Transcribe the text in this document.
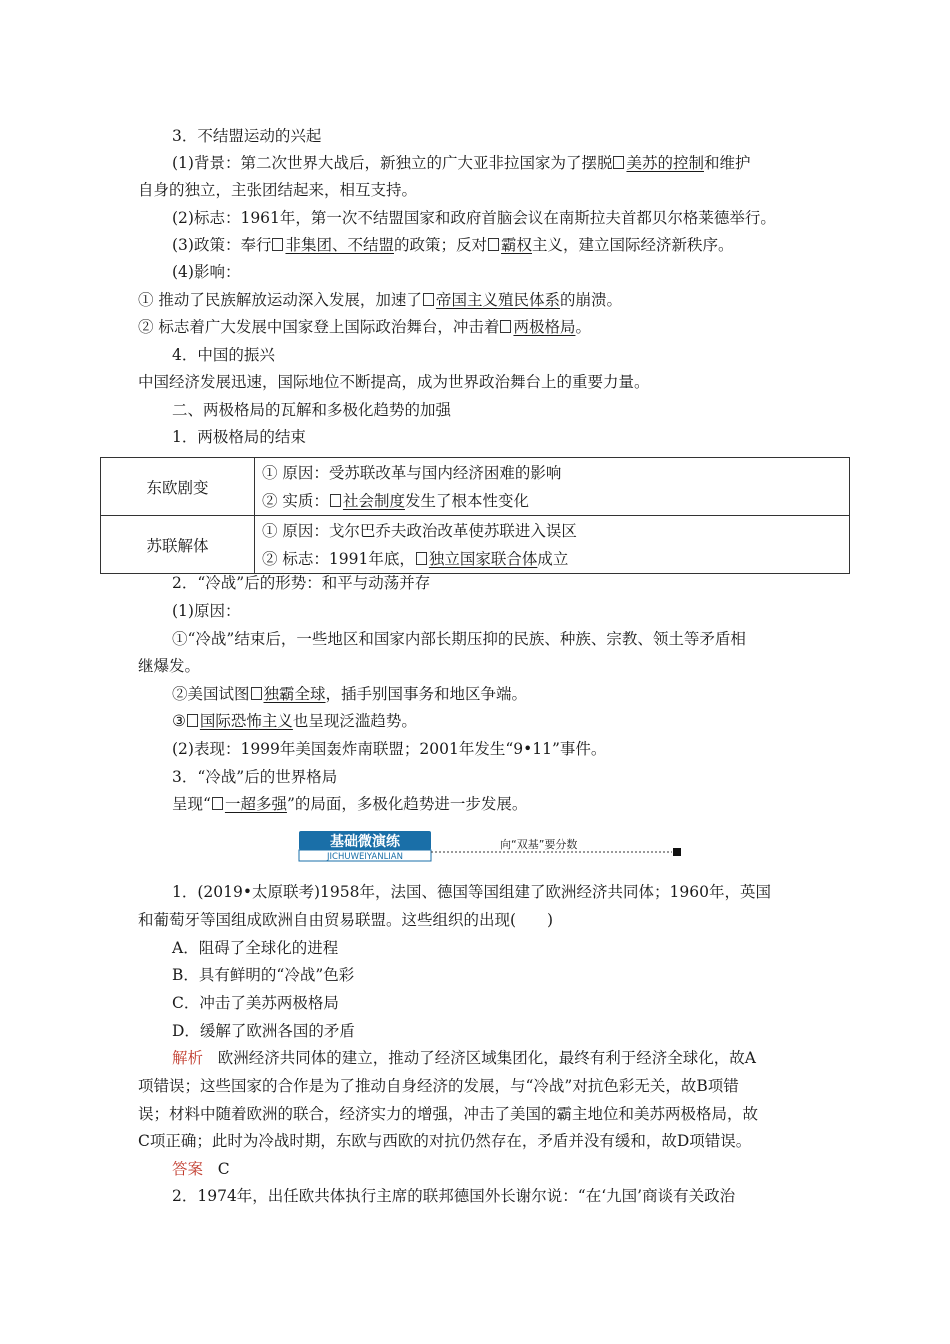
3．不结盟运动的兴起
(1)背景：第二次世界大战后，新独立的广大亚非拉国家为了摆脱 美苏的控制和维护
自身的独立，主张团结起来，相互支持。
(2)标志：1961年，第一次不结盟国家和政府首脑会议在南斯拉夫首都贝尔格莱德举行。
(3)政策：奉行 非集团、不结盟的政策；反对 霸权主义，建立国际经济新秩序。
(4)影响：
① 推动了民族解放运动深入发展，加速了 帝国主义殖民体系的崩溃。
② 标志着广大发展中国家登上国际政治舞台，冲击着 两极格局。
4．中国的振兴
中国经济发展迅速，国际地位不断提高，成为世界政治舞台上的重要力量。
二、两极格局的瓦解和多极化趋势的加强
1．两极格局的结束
东欧剧变	① 原因：受苏联改革与国内经济困难的影响
② 实质： 社会制度发生了根本性变化

苏联解体	① 原因：戈尔巴乔夫政治改革使苏联进入误区
② 标志：1991年底， 独立国家联合体成立
2．“冷战”后的形势：和平与动荡并存
(1)原因：
①“冷战”结束后，一些地区和国家内部长期压抑的民族、种族、宗教、领土等矛盾相
继爆发。
②美国试图 独霸全球，插手别国事务和地区争端。
③ 国际恐怖主义也呈现泛滥趋势。
(2)表现：1999年美国轰炸南联盟；2001年发生“9•11”事件。
3．“冷战”后的世界格局
呈现“ 一超多强”的局面，多极化趋势进一步发展。
基础微演练
JICHUWEIYANLIAN
向“双基”要分数
1．(2019•太原联考)1958年，法国、德国等国组建了欧洲经济共同体；1960年，英国
和葡萄牙等国组成欧洲自由贸易联盟。这些组织的出现(　　)
A．阻碍了全球化的进程
B．具有鲜明的“冷战”色彩
C．冲击了美苏两极格局
D．缓解了欧洲各国的矛盾
解析 欧洲经济共同体的建立，推动了经济区域集团化，最终有利于经济全球化，故A
项错误；这些国家的合作是为了推动自身经济的发展，与“冷战”对抗色彩无关，故B项错
误；材料中随着欧洲的联合，经济实力的增强，冲击了美国的霸主地位和美苏两极格局，故
C项正确；此时为冷战时期，东欧与西欧的对抗仍然存在，矛盾并没有缓和，故D项错误。
答案 C
2．1974年，出任欧共体执行主席的联邦德国外长谢尔说：“在‘九国’商谈有关政治
